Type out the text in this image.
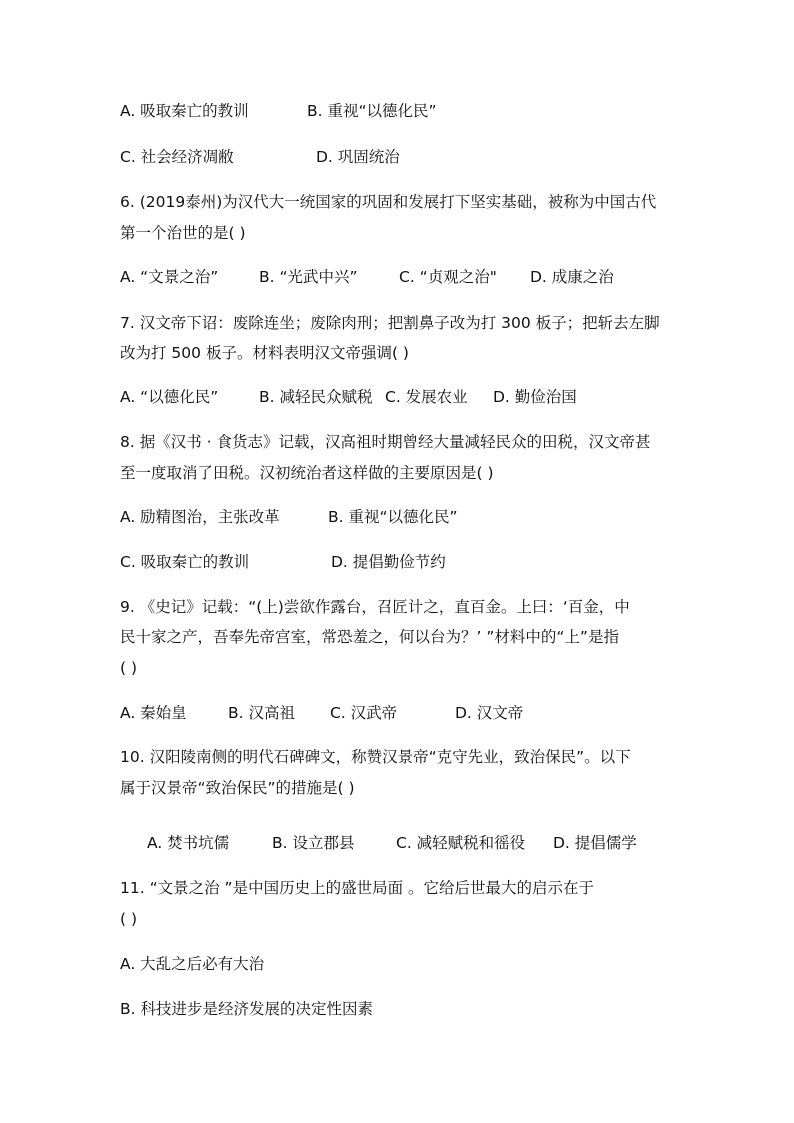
A. 吸取秦亡的教训	B. 重视“以德化民”
C. 社会经济凋敝	D. 巩固统治
6. (2019泰州)为汉代大一统国家的巩固和发展打下坚实基础，被称为中国古代
第一个治世的是( )
A. “文景之治”	B. “光武中兴”	C. “贞观之治" D. 成康之治
7. 汉文帝下诏：废除连坐；废除肉刑；把割鼻子改为打 300 板子；把斩去左脚
改为打 500 板子。材料表明汉文帝强调( )
A. “以德化民”	B. 减轻民众赋税 C. 发展农业 D. 勤俭治国
8. 据《汉书 · 食货志》记载，汉高祖时期曾经大量减轻民众的田税，汉文帝甚
至一度取消了田税。汉初统治者这样做的主要原因是( )
A. 励精图治，主张改革	B. 重视“以德化民”
C. 吸取秦亡的教训	D. 提倡勤俭节约
9. 《史记》记载：“(上)尝欲作露台，召匠计之，直百金。上曰：‘百金，中
民十家之产，吾奉先帝宫室，常恐羞之，何以台为？’ ”材料中的“上”是指
( )
A. 秦始皇	B. 汉高祖 C. 汉武帝	D. 汉文帝
10. 汉阳陵南侧的明代石碑碑文，称赞汉景帝“克守先业，致治保民”。以下
属于汉景帝“致治保民”的措施是( )
A. 焚书坑儒	B. 设立郡县	C. 减轻赋税和徭役 D. 提倡儒学
11. “文景之治 ”是中国历史上的盛世局面 。它给后世最大的启示在于
( )
A. 大乱之后必有大治
B. 科技进步是经济发展的决定性因素
